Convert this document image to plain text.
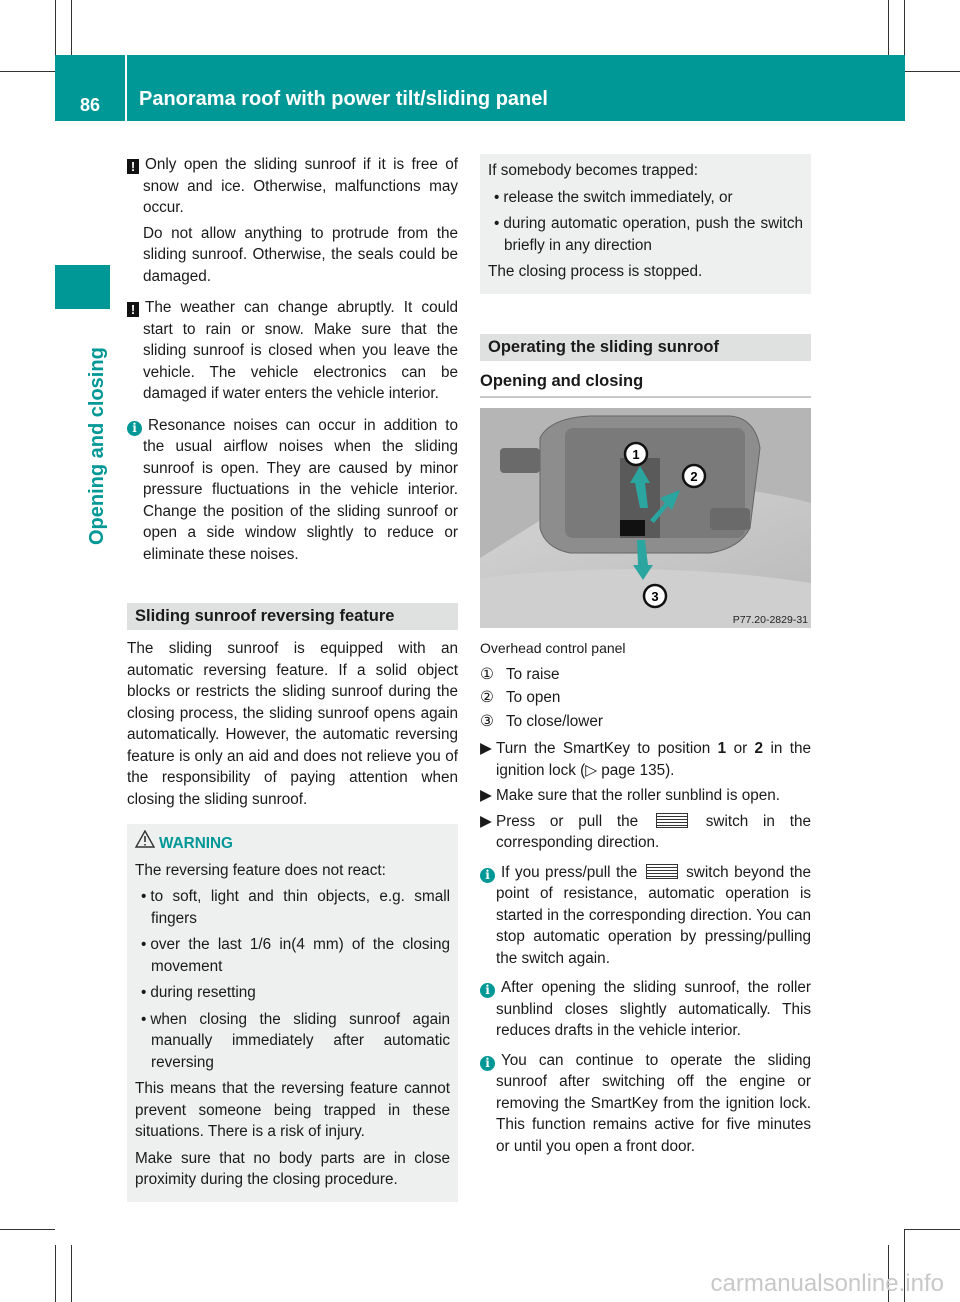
86	Panorama roof with power tilt/sliding panel
Opening and closing

! Only open the sliding sunroof if it is free of snow and ice. Otherwise, malfunctions may occur.

Do not allow anything to protrude from the sliding sunroof. Otherwise, the seals could be damaged.

! The weather can change abruptly. It could start to rain or snow. Make sure that the sliding sunroof is closed when you leave the vehicle. The vehicle electronics can be damaged if water enters the vehicle interior.

i Resonance noises can occur in addition to the usual airflow noises when the sliding sunroof is open. They are caused by minor pressure fluctuations in the vehicle interior. Change the position of the sliding sunroof or open a side window slightly to reduce or eliminate these noises.

Sliding sunroof reversing feature

The sliding sunroof is equipped with an automatic reversing feature. If a solid object blocks or restricts the sliding sunroof during the closing process, the sliding sunroof opens again automatically. However, the automatic reversing feature is only an aid and does not relieve you of the responsibility of paying attention when closing the sliding sunroof.

WARNING

The reversing feature does not react:

• to soft, light and thin objects, e.g. small fingers

• over the last 1/6 in(4 mm) of the closing movement

• during resetting

• when closing the sliding sunroof again manually immediately after automatic reversing

This means that the reversing feature cannot prevent someone being trapped in these situations. There is a risk of injury.

Make sure that no body parts are in close proximity during the closing procedure.

If somebody becomes trapped:

• release the switch immediately, or

• during automatic operation, push the switch briefly in any direction

The closing process is stopped.

Operating the sliding sunroof
Opening and closing
1
2
3
P77.20-2829-31

Overhead control panel

① To raise

② To open

③ To close/lower

▶ Turn the SmartKey to position 1 or 2 in the ignition lock (▷ page 135).

▶ Make sure that the roller sunblind is open.

▶ Press or pull the  switch in the corresponding direction.

i If you press/pull the  switch beyond the point of resistance, automatic operation is started in the corresponding direction. You can stop automatic operation by pressing/pulling the switch again.

i After opening the sliding sunroof, the roller sunblind closes slightly automatically. This reduces drafts in the vehicle interior.

i You can continue to operate the sliding sunroof after switching off the engine or removing the SmartKey from the ignition lock. This function remains active for five minutes or until you open a front door.

carmanualsonline.info
